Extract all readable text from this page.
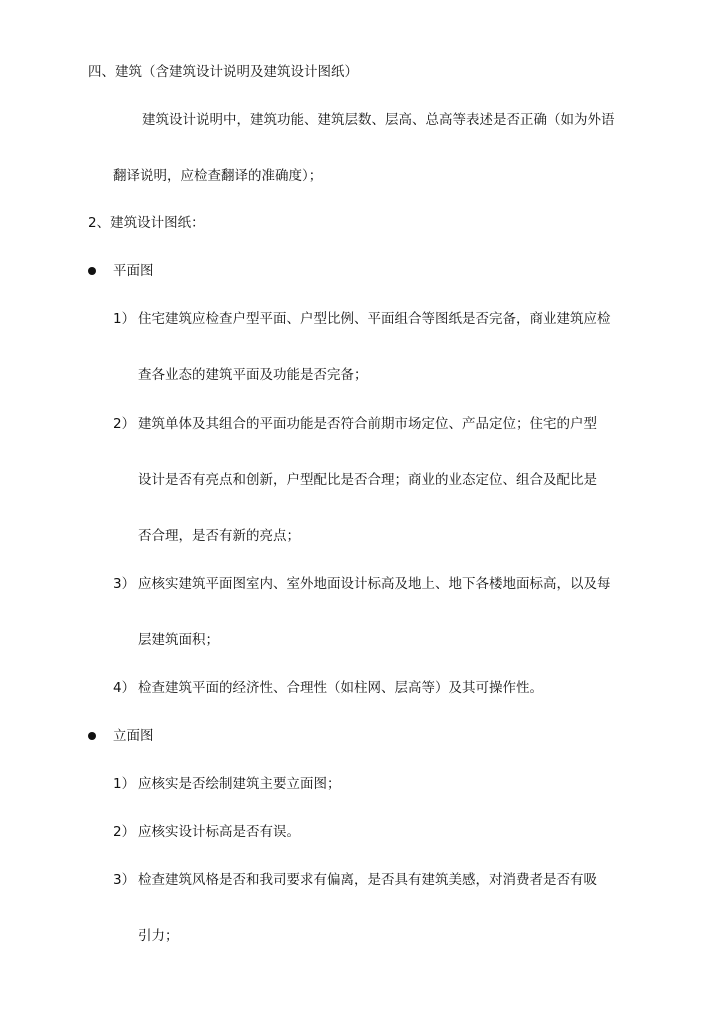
四、建筑（含建筑设计说明及建筑设计图纸）
建筑设计说明中，建筑功能、建筑层数、层高、总高等表述是否正确（如为外语
翻译说明，应检查翻译的准确度）；
2、建筑设计图纸：
平面图
1） 住宅建筑应检查户型平面、户型比例、平面组合等图纸是否完备，商业建筑应检
查各业态的建筑平面及功能是否完备；
2） 建筑单体及其组合的平面功能是否符合前期市场定位、产品定位；住宅的户型
设计是否有亮点和创新，户型配比是否合理；商业的业态定位、组合及配比是
否合理，是否有新的亮点；
3） 应核实建筑平面图室内、室外地面设计标高及地上、地下各楼地面标高，以及每
层建筑面积；
4） 检查建筑平面的经济性、合理性（如柱网、层高等）及其可操作性。
立面图
1） 应核实是否绘制建筑主要立面图；
2） 应核实设计标高是否有误。
3） 检查建筑风格是否和我司要求有偏离，是否具有建筑美感，对消费者是否有吸
引力；
